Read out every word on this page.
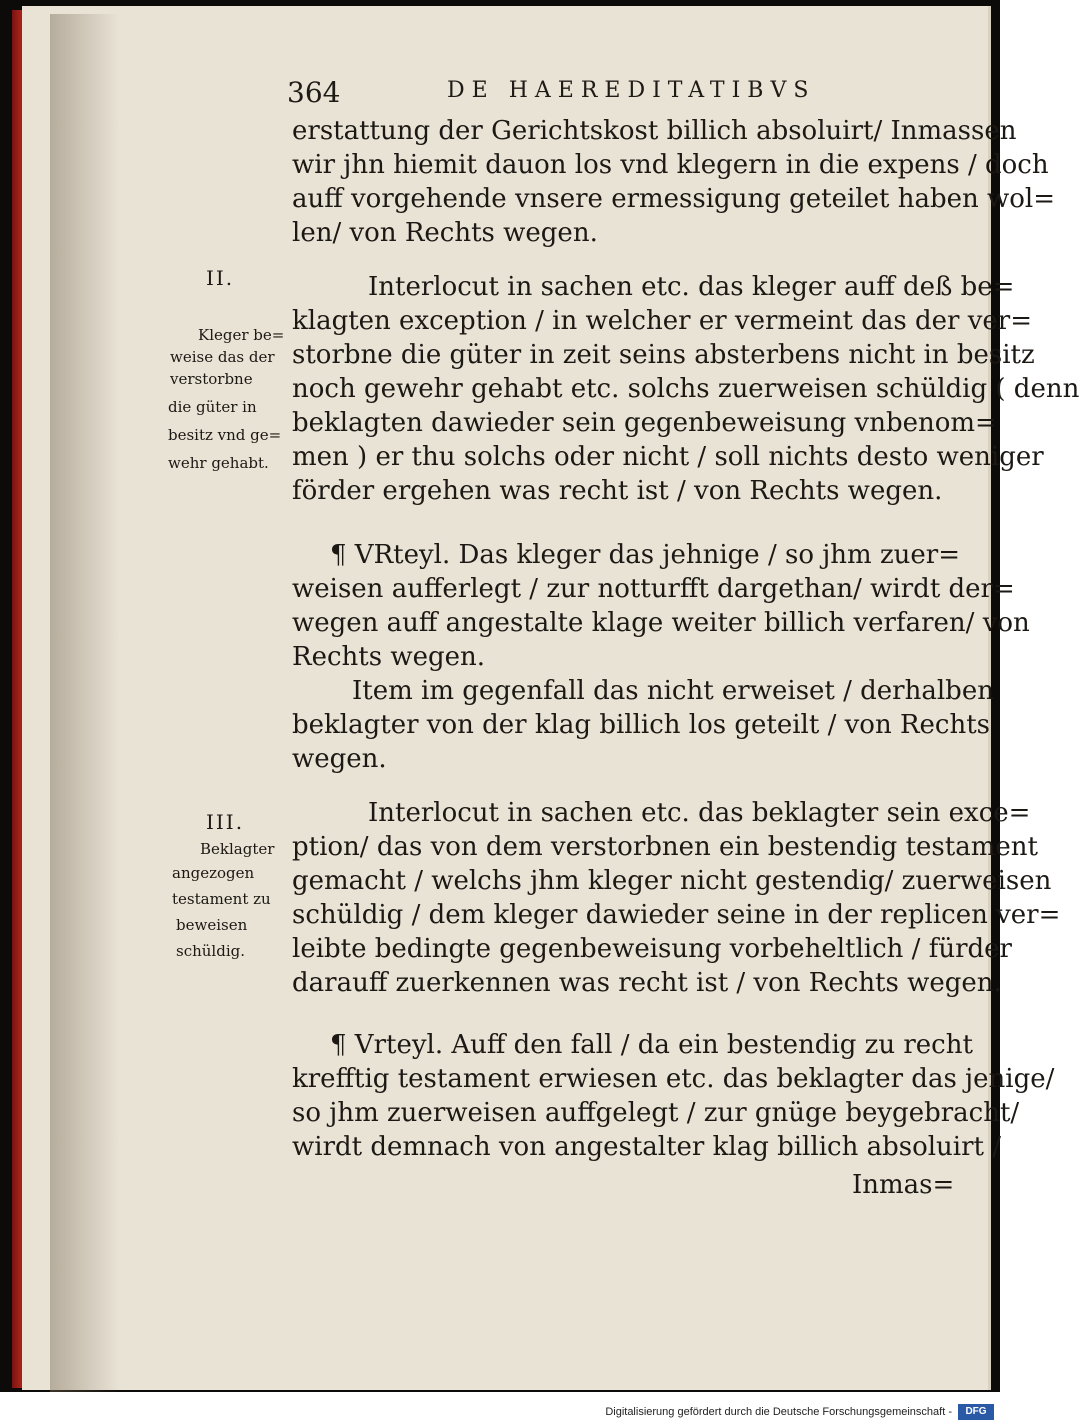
364	DE HAEREDITATIBVS
erstattung der Gerichtskost billich absoluirt/ Inmassen
wir jhn hiemit dauon los vnd klegern in die expens / doch
auff vorgehende vnsere ermessigung geteilet haben wol=
len/ von Rechts wegen.
Interlocut in sachen etc. das kleger auff deß be=
klagten exception / in welcher er vermeint das der ver=
storbne die güter in zeit seins absterbens nicht in besitz
noch gewehr gehabt etc. solchs zuerweisen schüldig ( denn
beklagten dawieder sein gegenbeweisung vnbenom=
men ) er thu solchs oder nicht / soll nichts desto weniger
förder ergehen was recht ist / von Rechts wegen.
¶ VRteyl. Das kleger das jehnige / so jhm zuer=
weisen aufferlegt / zur notturfft dargethan/ wirdt der=
wegen auff angestalte klage weiter billich verfaren/ von
Rechts wegen.
Item im gegenfall das nicht erweiset / derhalben
beklagter von der klag billich los geteilt / von Rechts
wegen.
Interlocut in sachen etc. das beklagter sein exce=
ption/ das von dem verstorbnen ein bestendig testament
gemacht / welchs jhm kleger nicht gestendig/ zuerweisen
schüldig / dem kleger dawieder seine in der replicen ver=
leibte bedingte gegenbeweisung vorbeheltlich / fürder
darauff zuerkennen was recht ist / von Rechts wegen.
¶ Vrteyl. Auff den fall / da ein bestendig zu recht
krefftig testament erwiesen etc. das beklagter das jenige/
so jhm zuerweisen auffgelegt / zur gnüge beygebracht/
wirdt demnach von angestalter klag billich absoluirt /
Inmas=
II.
Kleger be=
weise das der
verstorbne
die güter in
besitz vnd ge=
wehr gehabt.
III.
Beklagter
angezogen
testament zu
beweisen
schüldig.
Digitalisierung gefördert durch die Deutsche Forschungsgemeinschaft -	DFG
